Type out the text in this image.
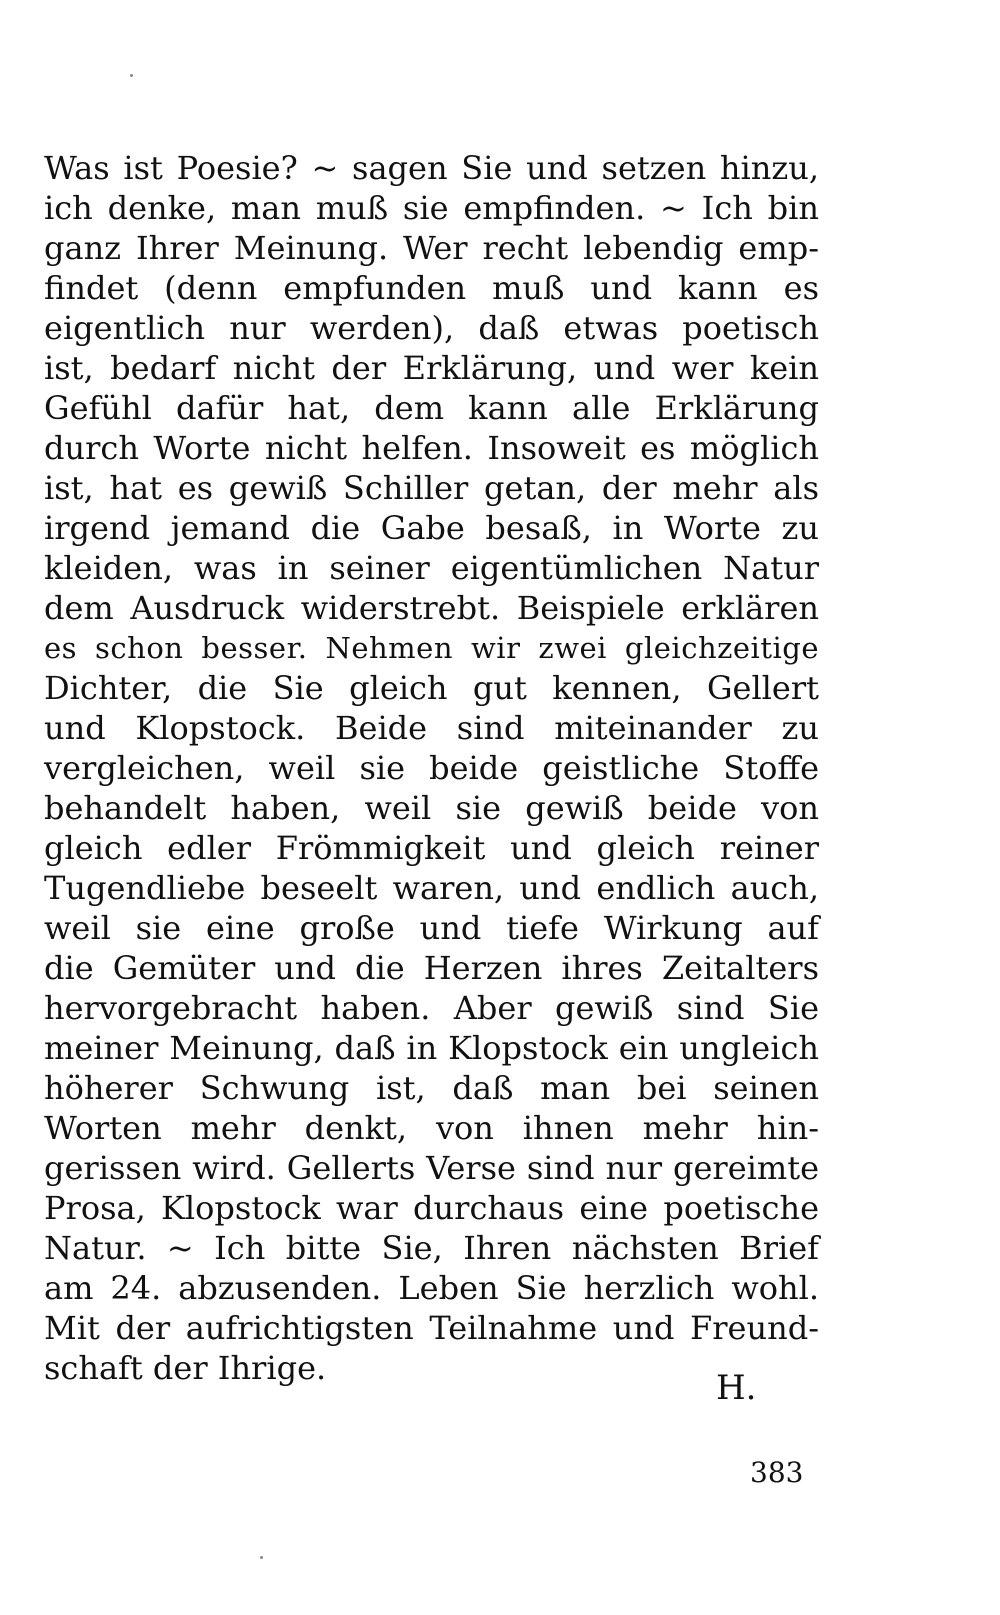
Was ist Poesie? ~ sagen Sie und setzen hinzu,
ich denke, man muß sie empfinden. ~ Ich bin
ganz Ihrer Meinung. Wer recht lebendig emp-
findet (denn empfunden muß und kann es
eigentlich nur werden), daß etwas poetisch
ist, bedarf nicht der Erklärung, und wer kein
Gefühl dafür hat, dem kann alle Erklärung
durch Worte nicht helfen. Insoweit es möglich
ist, hat es gewiß Schiller getan, der mehr als
irgend jemand die Gabe besaß, in Worte zu
kleiden, was in seiner eigentümlichen Natur
dem Ausdruck widerstrebt. Beispiele erklären
es schon besser. Nehmen wir zwei gleichzeitige
Dichter, die Sie gleich gut kennen, Gellert
und Klopstock. Beide sind miteinander zu
vergleichen, weil sie beide geistliche Stoffe
behandelt haben, weil sie gewiß beide von
gleich edler Frömmigkeit und gleich reiner
Tugendliebe beseelt waren, und endlich auch,
weil sie eine große und tiefe Wirkung auf
die Gemüter und die Herzen ihres Zeitalters
hervorgebracht haben. Aber gewiß sind Sie
meiner Meinung, daß in Klopstock ein ungleich
höherer Schwung ist, daß man bei seinen
Worten mehr denkt, von ihnen mehr hin-
gerissen wird. Gellerts Verse sind nur gereimte
Prosa, Klopstock war durchaus eine poetische
Natur. ~ Ich bitte Sie, Ihren nächsten Brief
am 24. abzusenden. Leben Sie herzlich wohl.
Mit der aufrichtigsten Teilnahme und Freund-
schaft der Ihrige.	H.
383
